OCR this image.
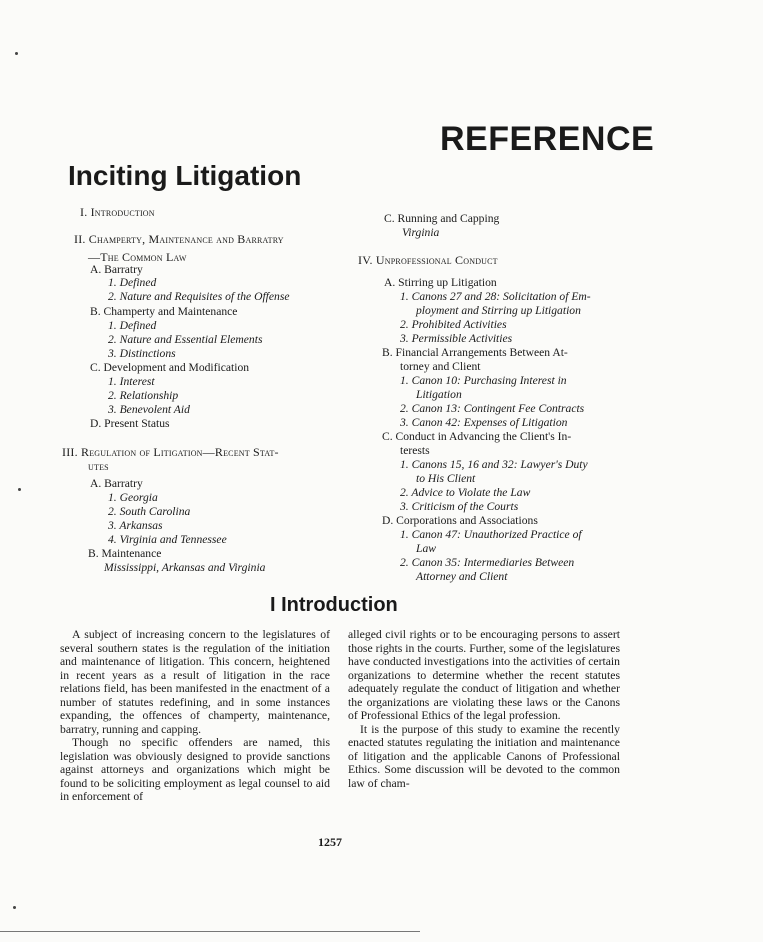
REFERENCE
Inciting Litigation
I. Introduction
II. Champerty, Maintenance and Barratry
—The Common Law
A. Barratry
1. Defined
2. Nature and Requisites of the Offense
B. Champerty and Maintenance
1. Defined
2. Nature and Essential Elements
3. Distinctions
C. Development and Modification
1. Interest
2. Relationship
3. Benevolent Aid
D. Present Status
III. Regulation of Litigation—Recent Stat-
utes
A. Barratry
1. Georgia
2. South Carolina
3. Arkansas
4. Virginia and Tennessee
B. Maintenance
Mississippi, Arkansas and Virginia
C. Running and Capping
Virginia
IV. Unprofessional Conduct
A. Stirring up Litigation
1. Canons 27 and 28: Solicitation of Em-
ployment and Stirring up Litigation
2. Prohibited Activities
3. Permissible Activities
B. Financial Arrangements Between At-
torney and Client
1. Canon 10: Purchasing Interest in
Litigation
2. Canon 13: Contingent Fee Contracts
3. Canon 42: Expenses of Litigation
C. Conduct in Advancing the Client's In-
terests
1. Canons 15, 16 and 32: Lawyer's Duty
to His Client
2. Advice to Violate the Law
3. Criticism of the Courts
D. Corporations and Associations
1. Canon 47: Unauthorized Practice of
Law
2. Canon 35: Intermediaries Between
Attorney and Client
I Introduction

A subject of increasing concern to the legislatures of several southern states is the regulation of the initiation and maintenance of litigation. This concern, heightened in recent years as a result of litigation in the race relations field, has been manifested in the enactment of a number of statutes redefining, and in some instances expanding, the offences of champerty, maintenance, barratry, running and capping.

Though no specific offenders are named, this legislation was obviously designed to provide sanctions against attorneys and organizations which might be found to be soliciting employment as legal counsel to aid in enforcement of

alleged civil rights or to be encouraging persons to assert those rights in the courts. Further, some of the legislatures have conducted investigations into the activities of certain organizations to determine whether the recent statutes adequately regulate the conduct of litigation and whether the organizations are violating these laws or the Canons of Professional Ethics of the legal profession.

It is the purpose of this study to examine the recently enacted statutes regulating the initiation and maintenance of litigation and the applicable Canons of Professional Ethics. Some discussion will be devoted to the common law of cham-

1257
